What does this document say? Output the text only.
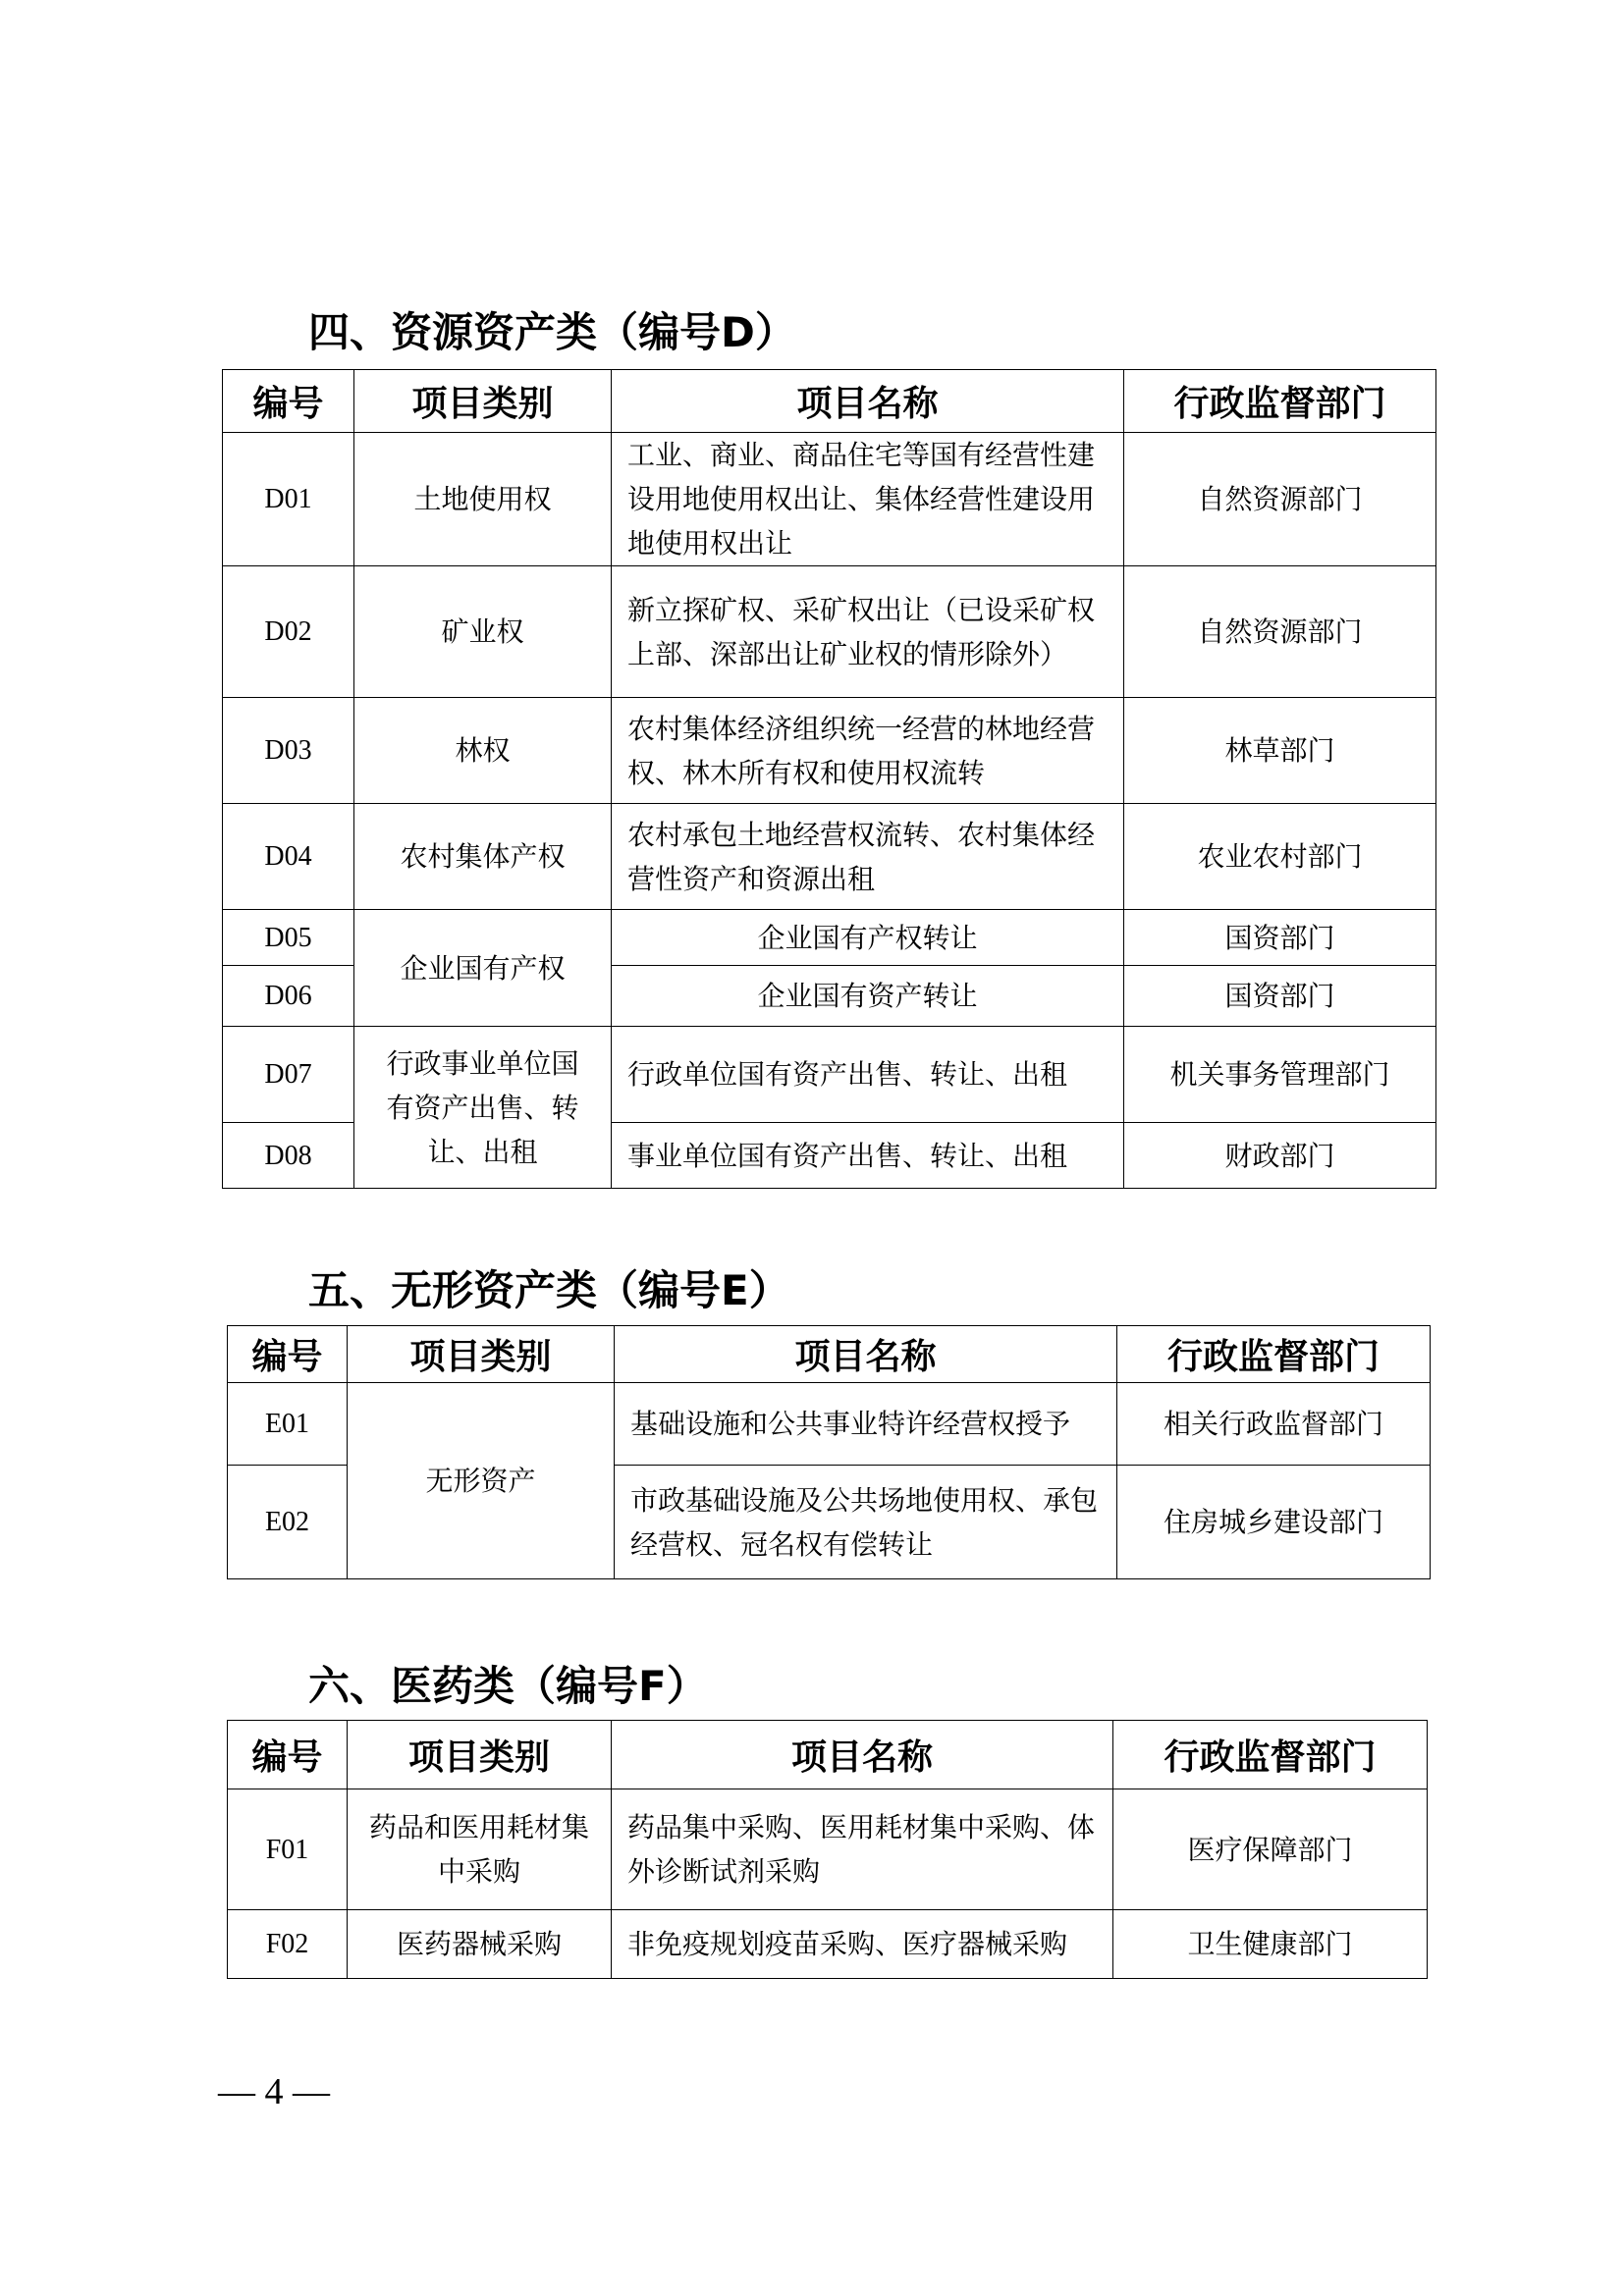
四、资源资产类（编号D）
编号	项目类别	项目名称	行政监督部门
D01	土地使用权	工业、商业、商品住宅等国有经营性建设用地使用权出让、集体经营性建设用地使用权出让	自然资源部门
D02	矿业权	新立探矿权、采矿权出让（已设采矿权上部、深部出让矿业权的情形除外）	自然资源部门
D03	林权	农村集体经济组织统一经营的林地经营权、林木所有权和使用权流转	林草部门
D04	农村集体产权	农村承包土地经营权流转、农村集体经营性资产和资源出租	农业农村部门
D05	企业国有产权	企业国有产权转让	国资部门
D06		企业国有资产转让	国资部门
D07	行政事业单位国有资产出售、转让、出租	行政单位国有资产出售、转让、出租	机关事务管理部门
D08		事业单位国有资产出售、转让、出租	财政部门
五、无形资产类（编号E）
编号	项目类别	项目名称	行政监督部门
E01	无形资产	基础设施和公共事业特许经营权授予	相关行政监督部门
E02		市政基础设施及公共场地使用权、承包经营权、冠名权有偿转让	住房城乡建设部门
六、医药类（编号F）
编号	项目类别	项目名称	行政监督部门
F01	药品和医用耗材集中采购	药品集中采购、医用耗材集中采购、体外诊断试剂采购	医疗保障部门
F02	医药器械采购	非免疫规划疫苗采购、医疗器械采购	卫生健康部门
— 4 —
